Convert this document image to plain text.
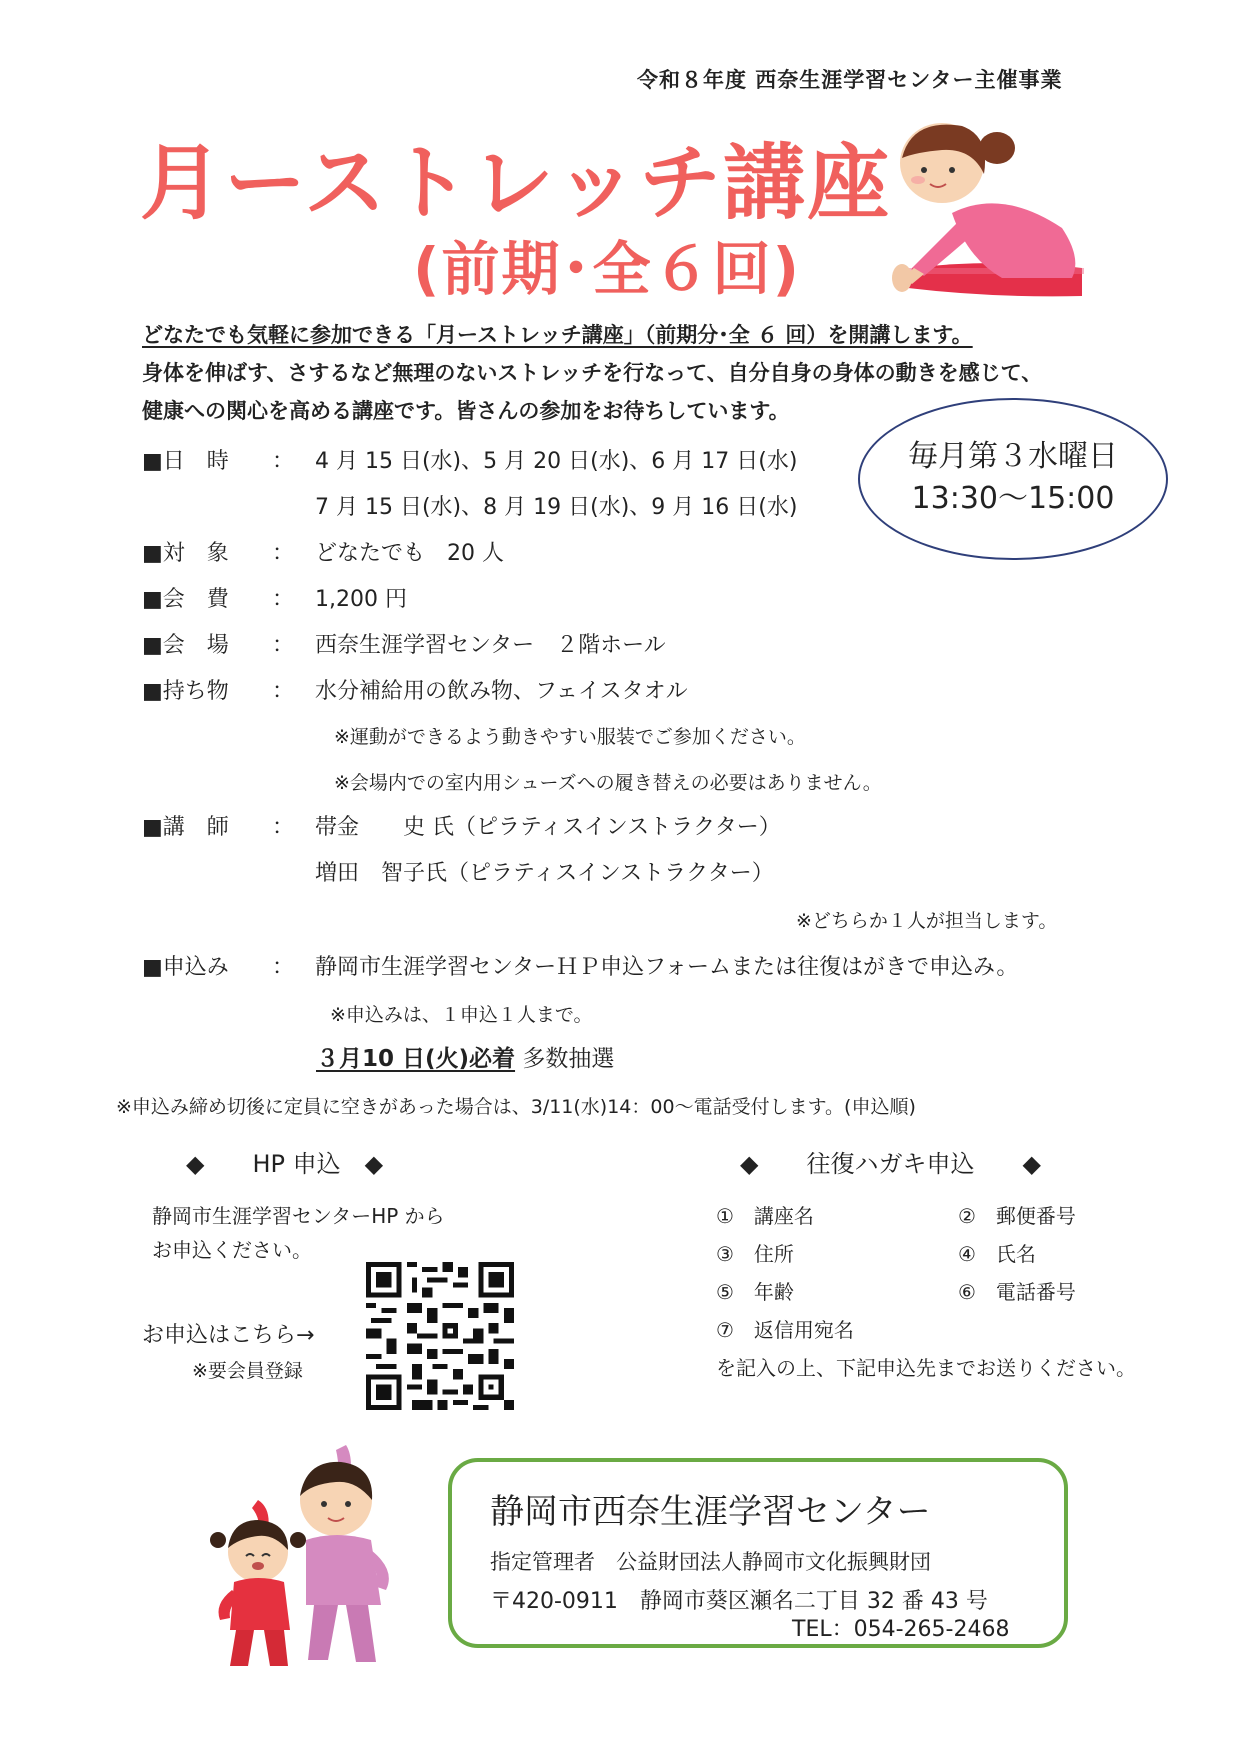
令和８年度 西奈生涯学習センター主催事業
月ーストレッチ講座
(前期･全６回)
どなたでも気軽に参加できる「月ーストレッチ講座」（前期分･全 ６ 回）を開講します。
身体を伸ばす、さするなど無理のないストレッチを行なって、自分自身の身体の動きを感じて、
健康への関心を高める講座です。皆さんの参加をお待ちしています。
毎月第３水曜日
13:30～15:00
■日　時	： 4 月 15 日(水)、5 月 20 日(水)、6 月 17 日(水)
7 月 15 日(水)、8 月 19 日(水)、9 月 16 日(水)
■対　象	： どなたでも　20 人
■会　費	： 1,200 円
■会　場	： 西奈生涯学習センター　２階ホール
■持ち物	： 水分補給用の飲み物、フェイスタオル
※運動ができるよう動きやすい服装でご参加ください。
※会場内での室内用シューズへの履き替えの必要はありません。
■講　師	： 帯金　　史 氏（ピラティスインストラクター）
増田　智子氏（ピラティスインストラクター）
※どちらか１人が担当します。
■申込み	： 静岡市生涯学習センターＨＰ申込フォームまたは往復はがきで申込み。
※申込みは、１申込１人まで。
３月10 日(火)必着 多数抽選
※申込み締め切後に定員に空きがあった場合は、3/11(水)14：00～電話受付します。(申込順)
◆　　HP 申込　◆
静岡市生涯学習センターHP から
お申込ください。
お申込はこちら→
※要会員登録
◆　　往復ハガキ申込　　◆
①　講座名	②　郵便番号
③　住所	④　氏名
⑤　年齢	⑥　電話番号
⑦　返信用宛名
を記入の上、下記申込先までお送りください。
静岡市西奈生涯学習センター
指定管理者　公益財団法人静岡市文化振興財団
〒420-0911　静岡市葵区瀬名二丁目 32 番 43 号
TEL：054-265-2468
